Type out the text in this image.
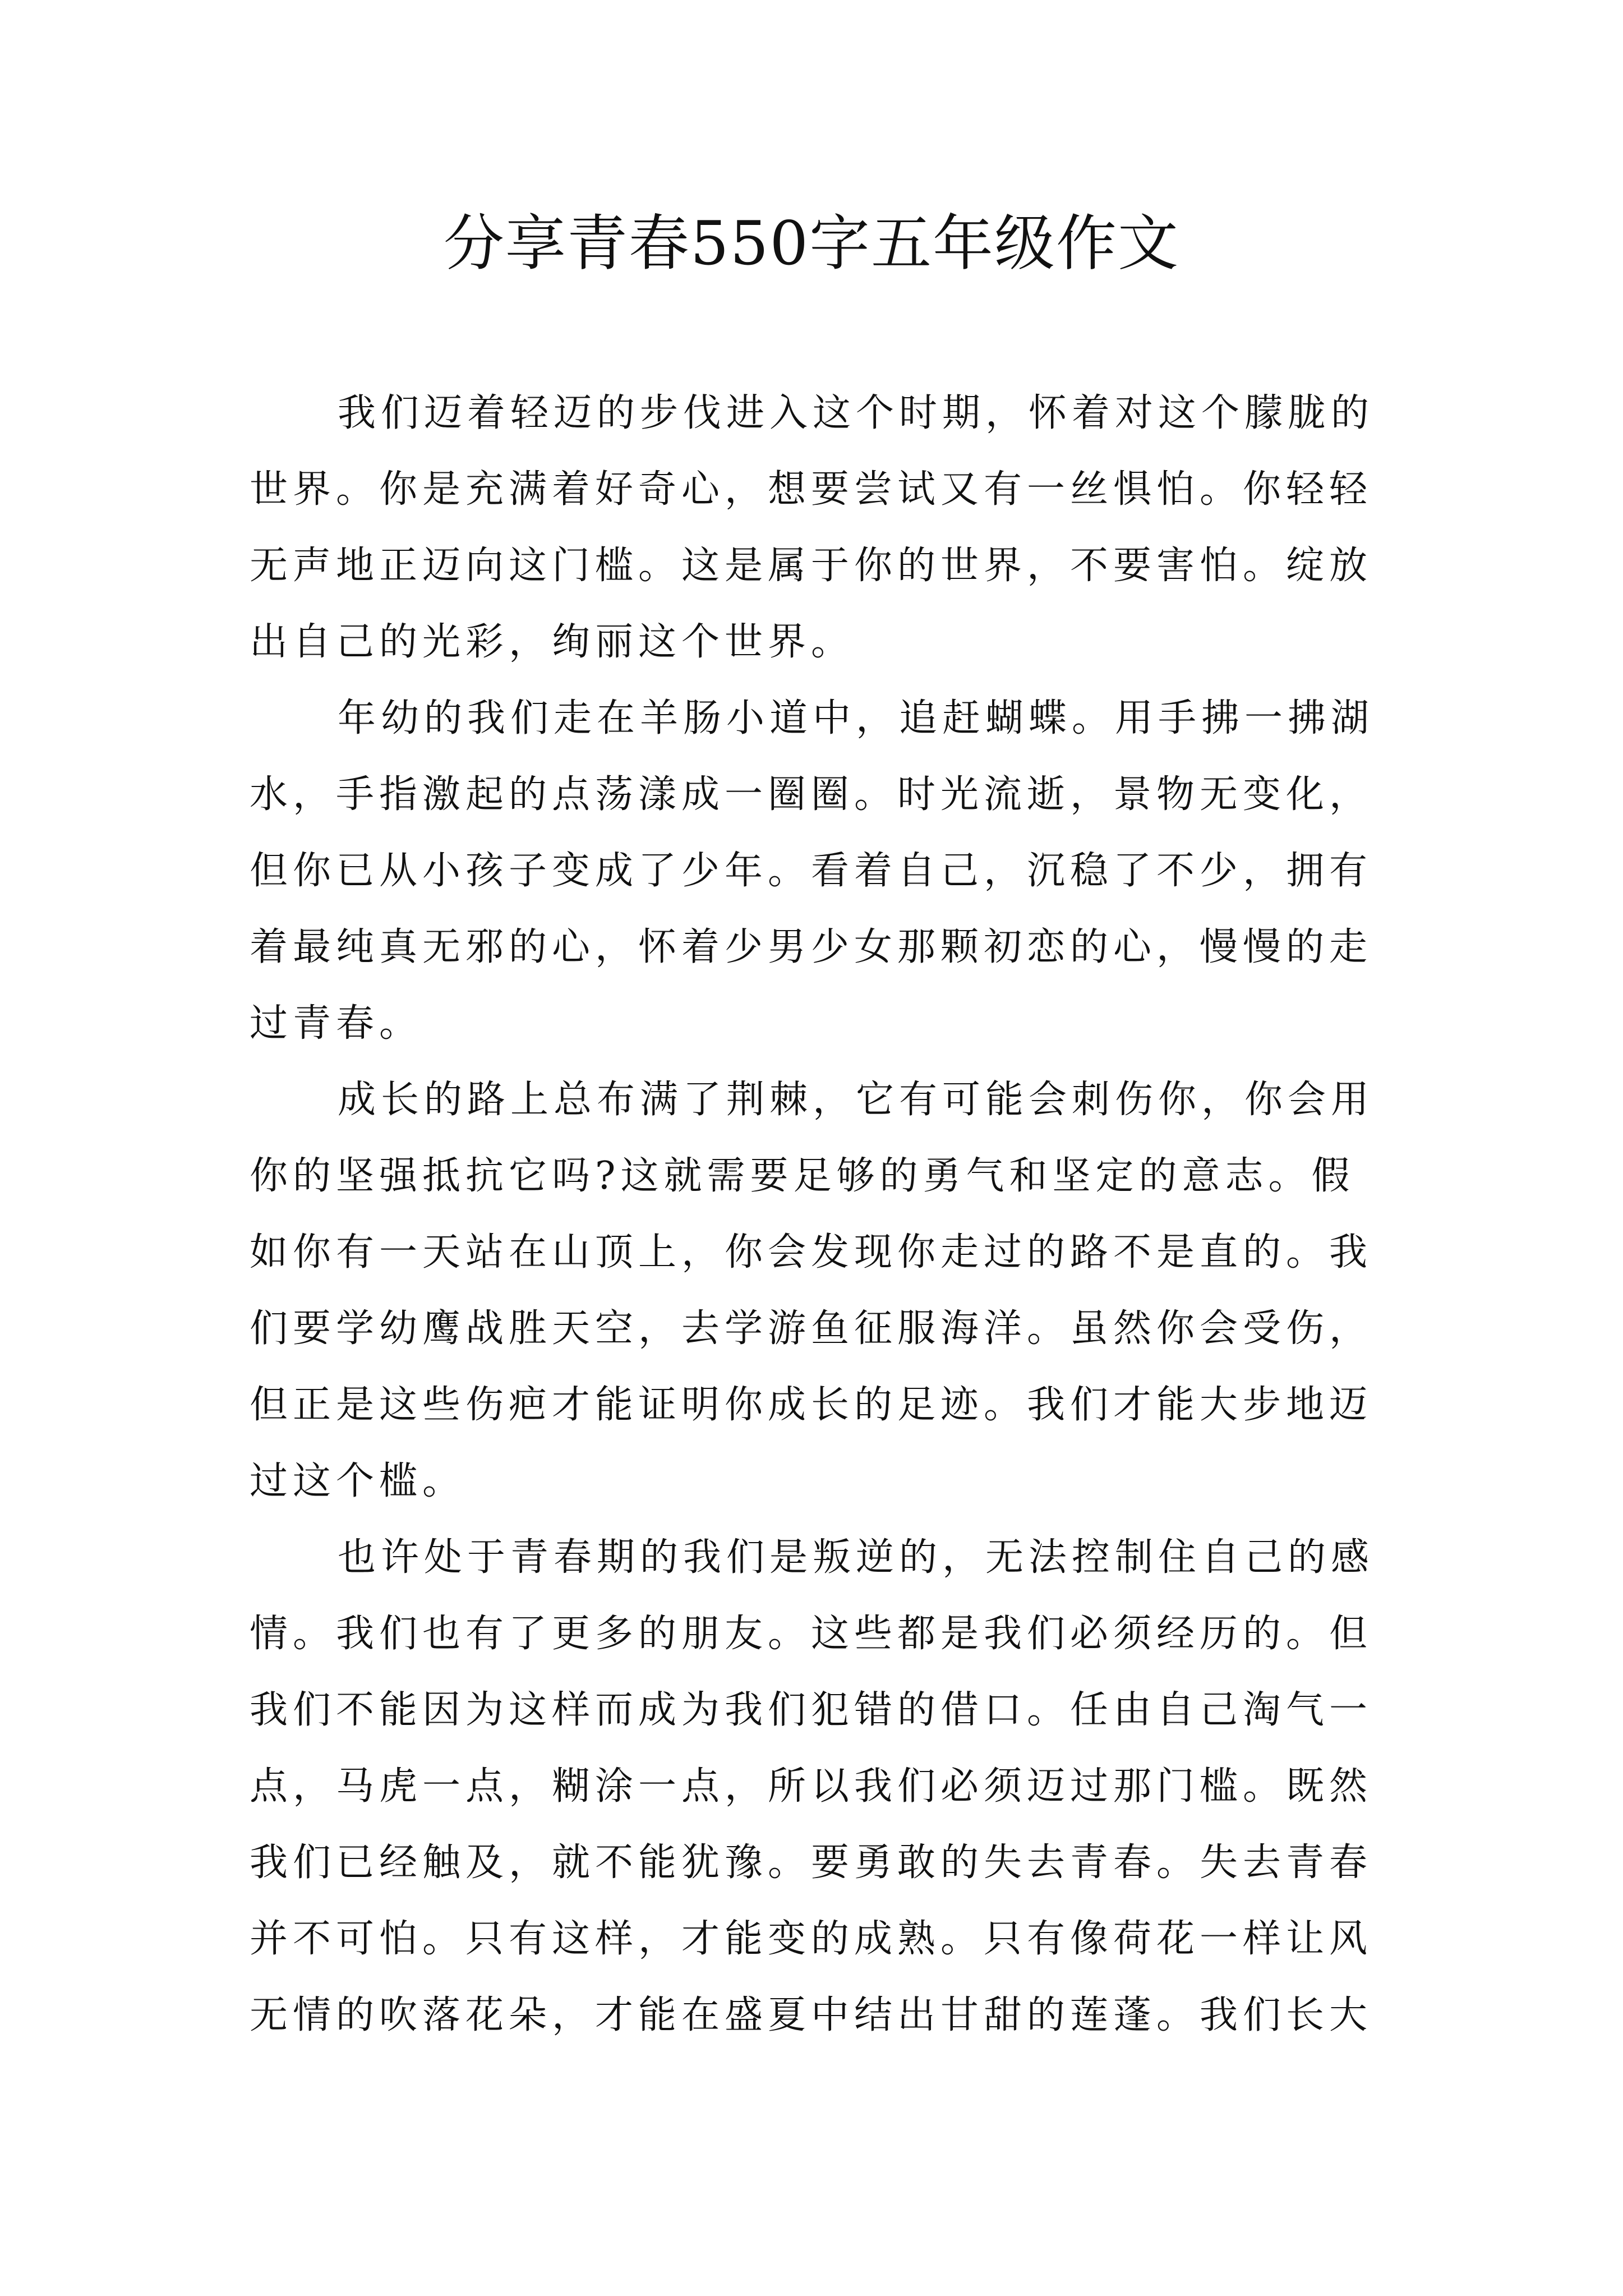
分享青春550字五年级作文
我们迈着轻迈的步伐进入这个时期，怀着对这个朦胧的
世界。你是充满着好奇心，想要尝试又有一丝惧怕。你轻轻
无声地正迈向这门槛。这是属于你的世界，不要害怕。绽放
出自己的光彩，绚丽这个世界。
年幼的我们走在羊肠小道中，追赶蝴蝶。用手拂一拂湖
水，手指激起的点荡漾成一圈圈。时光流逝，景物无变化，
但你已从小孩子变成了少年。看着自己，沉稳了不少，拥有
着最纯真无邪的心，怀着少男少女那颗初恋的心，慢慢的走
过青春。
成长的路上总布满了荆棘，它有可能会刺伤你，你会用
你的坚强抵抗它吗?这就需要足够的勇气和坚定的意志。假
如你有一天站在山顶上，你会发现你走过的路不是直的。我
们要学幼鹰战胜天空，去学游鱼征服海洋。虽然你会受伤，
但正是这些伤疤才能证明你成长的足迹。我们才能大步地迈
过这个槛。
也许处于青春期的我们是叛逆的，无法控制住自己的感
情。我们也有了更多的朋友。这些都是我们必须经历的。但
我们不能因为这样而成为我们犯错的借口。任由自己淘气一
点，马虎一点，糊涂一点，所以我们必须迈过那门槛。既然
我们已经触及，就不能犹豫。要勇敢的失去青春。失去青春
并不可怕。只有这样，才能变的成熟。只有像荷花一样让风
无情的吹落花朵，才能在盛夏中结出甘甜的莲蓬。我们长大
